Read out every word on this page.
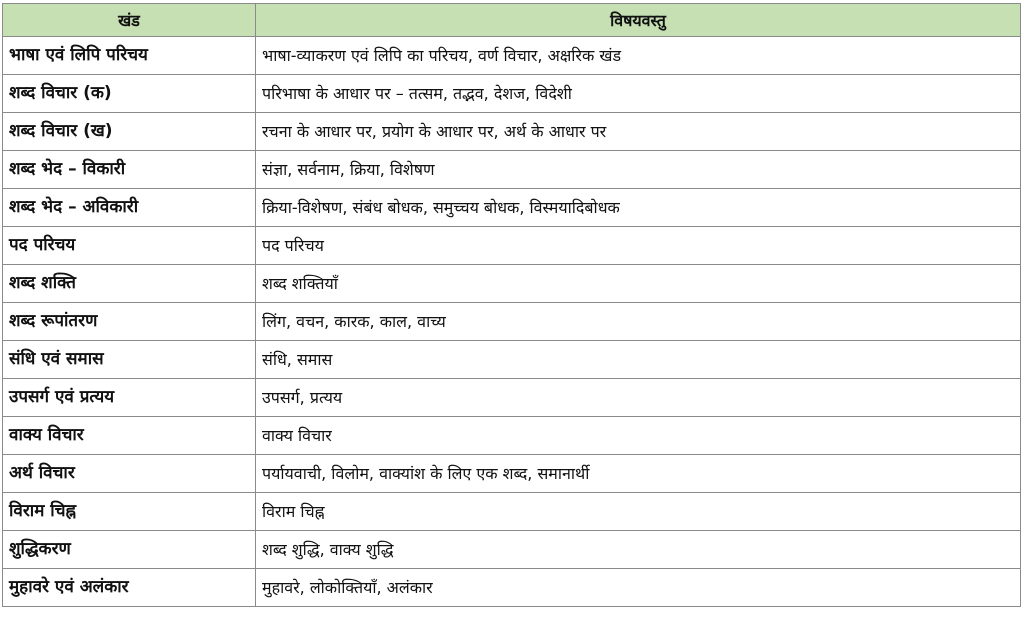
खंड	विषयवस्तु
भाषा एवं लिपि परिचय	भाषा-व्याकरण एवं लिपि का परिचय, वर्ण विचार, अक्षरिक खंड
शब्द विचार (क)	परिभाषा के आधार पर – तत्सम, तद्भव, देशज, विदेशी
शब्द विचार (ख)	रचना के आधार पर, प्रयोग के आधार पर, अर्थ के आधार पर
शब्द भेद – विकारी	संज्ञा, सर्वनाम, क्रिया, विशेषण
शब्द भेद – अविकारी	क्रिया-विशेषण, संबंध बोधक, समुच्चय बोधक, विस्मयादिबोधक
पद परिचय	पद परिचय
शब्द शक्ति	शब्द शक्तियाँ
शब्द रूपांतरण	लिंग, वचन, कारक, काल, वाच्य
संधि एवं समास	संधि, समास
उपसर्ग एवं प्रत्यय	उपसर्ग, प्रत्यय
वाक्य विचार	वाक्य विचार
अर्थ विचार	पर्यायवाची, विलोम, वाक्यांश के लिए एक शब्द, समानार्थी
विराम चिह्न	विराम चिह्न
शुद्धिकरण	शब्द शुद्धि, वाक्य शुद्धि
मुहावरे एवं अलंकार	मुहावरे, लोकोक्तियाँ, अलंकार
